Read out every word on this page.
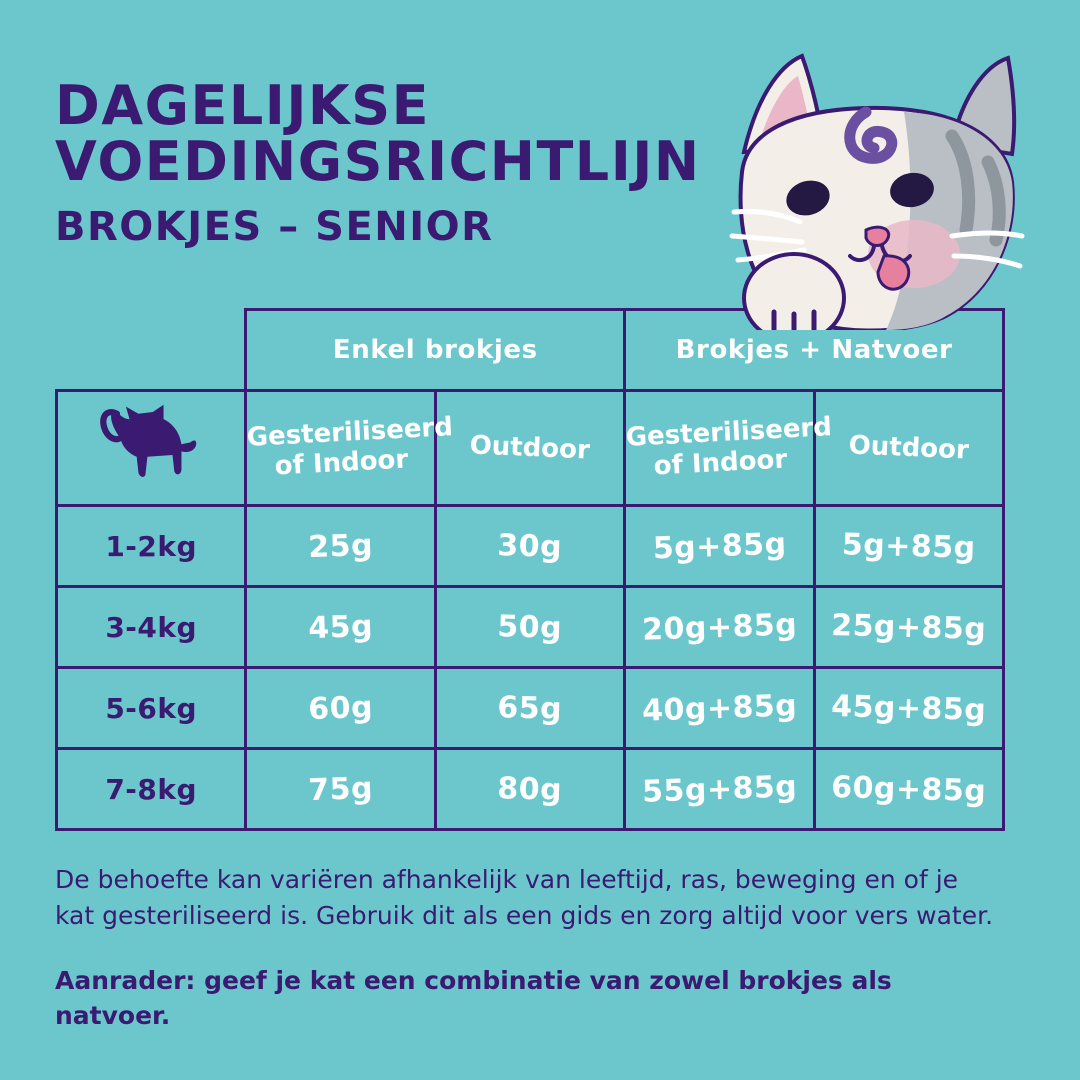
DAGELIJKSE
VOEDINGSRICHTLIJN
BROKJES – SENIOR
	Enkel brokjes		Brokjes + Natvoer	
	Gesteriliseerd of Indoor	Outdoor	Gesteriliseerd of Indoor	Outdoor
1-2kg	25g	30g	5g+85g	5g+85g
3-4kg	45g	50g	20g+85g	25g+85g
5-6kg	60g	65g	40g+85g	45g+85g
7-8kg	75g	80g	55g+85g	60g+85g
De behoefte kan variëren afhankelijk van leeftijd, ras, beweging en of je kat gesteriliseerd is. Gebruik dit als een gids en zorg altijd voor vers water.
Aanrader: geef je kat een combinatie van zowel brokjes als natvoer.
